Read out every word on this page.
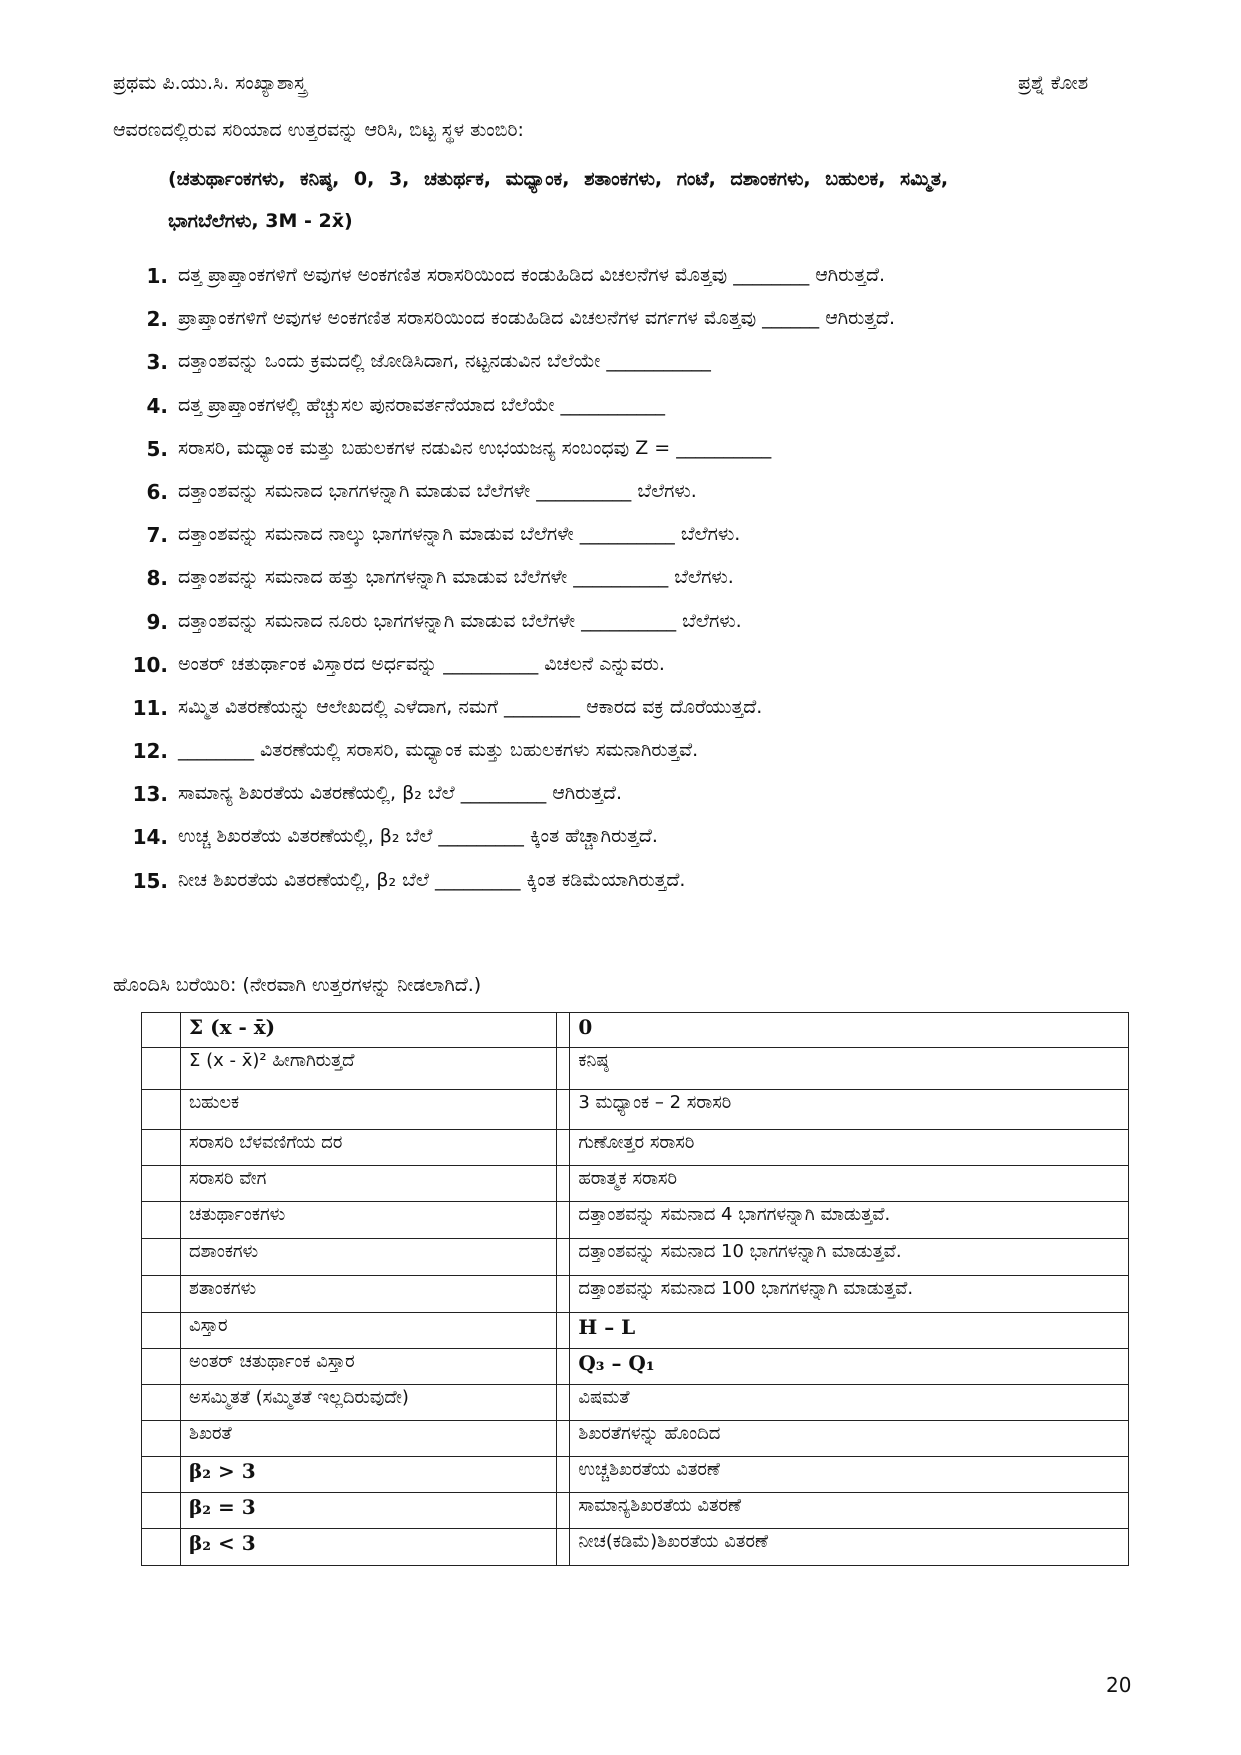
ಪ್ರಥಮ ಪಿ.ಯು.ಸಿ. ಸಂಖ್ಯಾಶಾಸ್ತ್ರ	ಪ್ರಶ್ನೆ ಕೋಶ
ಆವರಣದಲ್ಲಿರುವ ಸರಿಯಾದ ಉತ್ತರವನ್ನು ಆರಿಸಿ, ಬಿಟ್ಟ ಸ್ಥಳ ತುಂಬಿರಿ:
(ಚತುರ್ಥಾಂಕಗಳು, ಕನಿಷ್ಠ, 0, 3, ಚತುರ್ಥಕ, ಮಧ್ಯಾಂಕ, ಶತಾಂಕಗಳು, ಗಂಟೆ, ದಶಾಂಕಗಳು, ಬಹುಲಕ, ಸಮ್ಮಿತ,
ಭಾಗಬೆಲೆಗಳು, 3M - 2x̄)
1. ದತ್ತ ಪ್ರಾಪ್ತಾಂಕಗಳಿಗೆ ಅವುಗಳ ಅಂಕಗಣಿತ ಸರಾಸರಿಯಿಂದ ಕಂಡುಹಿಡಿದ ವಿಚಲನೆಗಳ ಮೊತ್ತವು ________ ಆಗಿರುತ್ತದೆ.
2. ಪ್ರಾಪ್ತಾಂಕಗಳಿಗೆ ಅವುಗಳ ಅಂಕಗಣಿತ ಸರಾಸರಿಯಿಂದ ಕಂಡುಹಿಡಿದ ವಿಚಲನೆಗಳ ವರ್ಗಗಳ ಮೊತ್ತವು ______ ಆಗಿರುತ್ತದೆ.
3. ದತ್ತಾಂಶವನ್ನು ಒಂದು ಕ್ರಮದಲ್ಲಿ ಜೋಡಿಸಿದಾಗ, ನಟ್ಟನಡುವಿನ ಬೆಲೆಯೇ ___________
4. ದತ್ತ ಪ್ರಾಪ್ತಾಂಕಗಳಲ್ಲಿ ಹೆಚ್ಚುಸಲ ಪುನರಾವರ್ತನೆಯಾದ ಬೆಲೆಯೇ ___________
5. ಸರಾಸರಿ, ಮಧ್ಯಾಂಕ ಮತ್ತು ಬಹುಲಕಗಳ ನಡುವಿನ ಉಭಯಜನ್ಯ ಸಂಬಂಧವು Z = __________
6. ದತ್ತಾಂಶವನ್ನು ಸಮನಾದ ಭಾಗಗಳನ್ನಾಗಿ ಮಾಡುವ ಬೆಲೆಗಳೇ __________ ಬೆಲೆಗಳು.
7. ದತ್ತಾಂಶವನ್ನು ಸಮನಾದ ನಾಲ್ಕು ಭಾಗಗಳನ್ನಾಗಿ ಮಾಡುವ ಬೆಲೆಗಳೇ __________ ಬೆಲೆಗಳು.
8. ದತ್ತಾಂಶವನ್ನು ಸಮನಾದ ಹತ್ತು ಭಾಗಗಳನ್ನಾಗಿ ಮಾಡುವ ಬೆಲೆಗಳೇ __________ ಬೆಲೆಗಳು.
9. ದತ್ತಾಂಶವನ್ನು ಸಮನಾದ ನೂರು ಭಾಗಗಳನ್ನಾಗಿ ಮಾಡುವ ಬೆಲೆಗಳೇ __________ ಬೆಲೆಗಳು.
10. ಅಂತರ್ ಚತುರ್ಥಾಂಕ ವಿಸ್ತಾರದ ಅರ್ಧವನ್ನು __________ ವಿಚಲನೆ ಎನ್ನುವರು.
11. ಸಮ್ಮಿತ ವಿತರಣೆಯನ್ನು ಆಲೇಖದಲ್ಲಿ ಎಳೆದಾಗ, ನಮಗೆ ________ ಆಕಾರದ ವಕ್ರ ದೊರೆಯುತ್ತದೆ.
12. ________ ವಿತರಣೆಯಲ್ಲಿ ಸರಾಸರಿ, ಮಧ್ಯಾಂಕ ಮತ್ತು ಬಹುಲಕಗಳು ಸಮನಾಗಿರುತ್ತವೆ.
13. ಸಾಮಾನ್ಯ ಶಿಖರತೆಯ ವಿತರಣೆಯಲ್ಲಿ, β₂ ಬೆಲೆ _________ ಆಗಿರುತ್ತದೆ.
14. ಉಚ್ಚ ಶಿಖರತೆಯ ವಿತರಣೆಯಲ್ಲಿ, β₂ ಬೆಲೆ _________ ಕ್ಕಿಂತ ಹೆಚ್ಚಾಗಿರುತ್ತದೆ.
15. ನೀಚ ಶಿಖರತೆಯ ವಿತರಣೆಯಲ್ಲಿ, β₂ ಬೆಲೆ _________ ಕ್ಕಿಂತ ಕಡಿಮೆಯಾಗಿರುತ್ತದೆ.
ಹೊಂದಿಸಿ ಬರೆಯಿರಿ: (ನೇರವಾಗಿ ಉತ್ತರಗಳನ್ನು ನೀಡಲಾಗಿದೆ.)
	Σ (x - x̄)		0
	Σ (x - x̄)² ಹೀಗಾಗಿರುತ್ತದೆ		ಕನಿಷ್ಠ
	ಬಹುಲಕ		3 ಮಧ್ಯಾಂಕ – 2 ಸರಾಸರಿ
	ಸರಾಸರಿ ಬೆಳವಣಿಗೆಯ ದರ		ಗುಣೋತ್ತರ ಸರಾಸರಿ
	ಸರಾಸರಿ ವೇಗ		ಹರಾತ್ಮಕ ಸರಾಸರಿ
	ಚತುರ್ಥಾಂಕಗಳು		ದತ್ತಾಂಶವನ್ನು ಸಮನಾದ 4 ಭಾಗಗಳನ್ನಾಗಿ ಮಾಡುತ್ತವೆ.
	ದಶಾಂಕಗಳು		ದತ್ತಾಂಶವನ್ನು ಸಮನಾದ 10 ಭಾಗಗಳನ್ನಾಗಿ ಮಾಡುತ್ತವೆ.
	ಶತಾಂಕಗಳು		ದತ್ತಾಂಶವನ್ನು ಸಮನಾದ 100 ಭಾಗಗಳನ್ನಾಗಿ ಮಾಡುತ್ತವೆ.
	ವಿಸ್ತಾರ		H – L
	ಅಂತರ್ ಚತುರ್ಥಾಂಕ ವಿಸ್ತಾರ		Q₃ – Q₁
	ಅಸಮ್ಮಿತತೆ (ಸಮ್ಮಿತತೆ ಇಲ್ಲದಿರುವುದೇ)		ವಿಷಮತೆ
	ಶಿಖರತೆ		ಶಿಖರತೆಗಳನ್ನು ಹೊಂದಿದ
	β₂ > 3		ಉಚ್ಚಶಿಖರತೆಯ ವಿತರಣೆ
	β₂ = 3		ಸಾಮಾನ್ಯಶಿಖರತೆಯ ವಿತರಣೆ
	β₂ < 3		ನೀಚ(ಕಡಿಮೆ)ಶಿಖರತೆಯ ವಿತರಣೆ
20
